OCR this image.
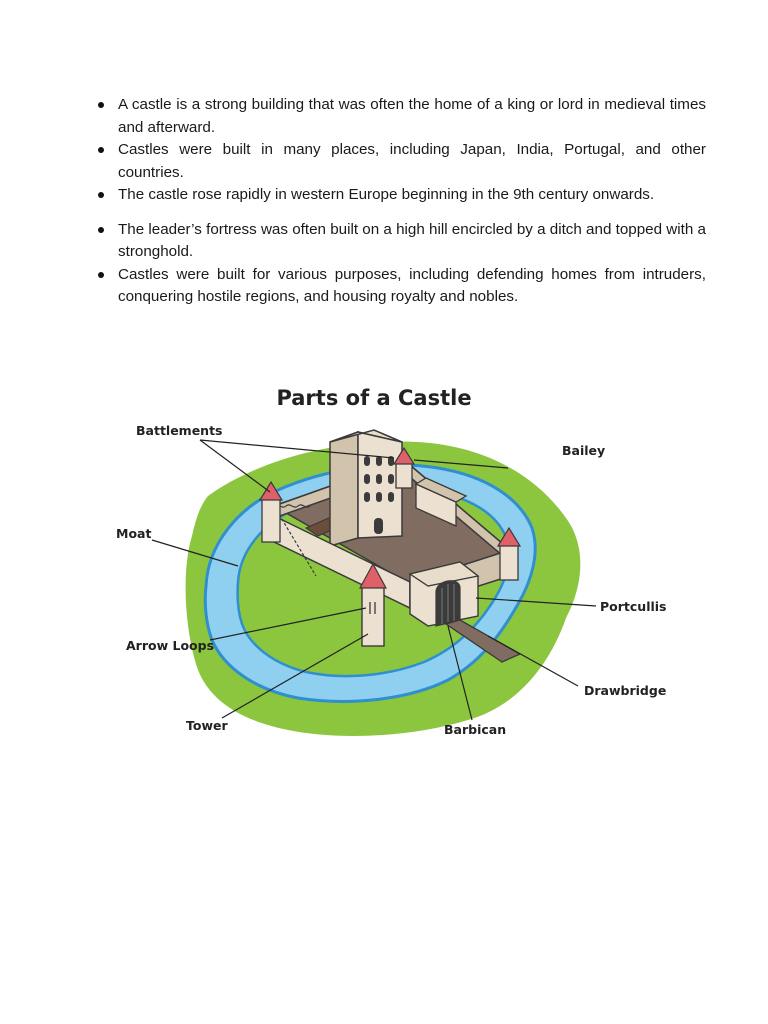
A castle is a strong building that was often the home of a king or lord in medieval times and afterward.
Castles were built in many places, including Japan, India, Portugal, and other countries.
The castle rose rapidly in western Europe beginning in the 9th century onwards.
The leader’s fortress was often built on a high hill encircled by a ditch and topped with a stronghold.
Castles were built for various purposes, including defending homes from intruders, conquering hostile regions, and housing royalty and nobles.
Parts of a Castle
Battlements
Bailey
Moat
Portcullis
Arrow Loops
Drawbridge
Tower	Barbican
